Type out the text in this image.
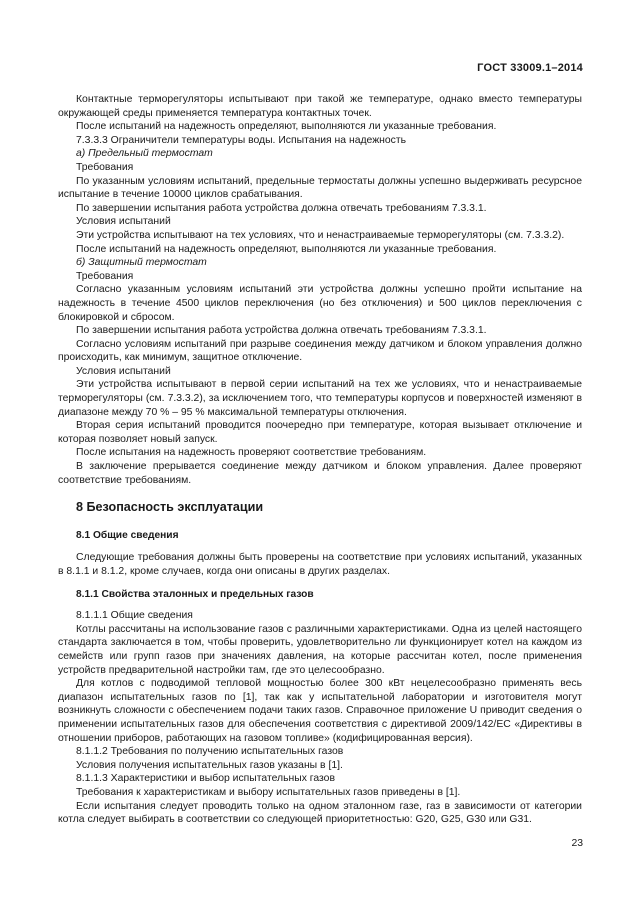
ГОСТ 33009.1–2014

Контактные терморегуляторы испытывают при такой же температуре, однако вместо температуры окружающей среды применяется температура контактных точек.

После испытаний на надежность определяют, выполняются ли указанные требования.

7.3.3.3 Ограничители температуры воды. Испытания на надежность

а) Предельный термостат

Требования

По указанным условиям испытаний, предельные термостаты должны успешно выдерживать ресурсное испытание в течение 10000 циклов срабатывания.

По завершении испытания работа устройства должна отвечать требованиям 7.3.3.1.

Условия испытаний

Эти устройства испытывают на тех условиях, что и ненастраиваемые терморегуляторы (см. 7.3.3.2).

После испытаний на надежность определяют, выполняются ли указанные требования.

б) Защитный термостат

Требования

Согласно указанным условиям испытаний эти устройства должны успешно пройти испытание на надежность в течение 4500 циклов переключения (но без отключения) и 500 циклов переключения с блокировкой и сбросом.

По завершении испытания работа устройства должна отвечать требованиям 7.3.3.1.

Согласно условиям испытаний при разрыве соединения между датчиком и блоком управления должно происходить, как минимум, защитное отключение.

Условия испытаний

Эти устройства испытывают в первой серии испытаний на тех же условиях, что и ненастраиваемые терморегуляторы (см. 7.3.3.2), за исключением того, что температуры корпусов и поверхностей изменяют в диапазоне между 70 % – 95 % максимальной температуры отключения.

Вторая серия испытаний проводится поочередно при температуре, которая вызывает отключение и которая позволяет новый запуск.

После испытания на надежность проверяют соответствие требованиям.

В заключение прерывается соединение между датчиком и блоком управления. Далее проверяют соответствие требованиям.

8 Безопасность эксплуатации

8.1 Общие сведения

Следующие требования должны быть проверены на соответствие при условиях испытаний, указанных в 8.1.1 и 8.1.2, кроме случаев, когда они описаны в других разделах.

8.1.1 Свойства эталонных и предельных газов

8.1.1.1 Общие сведения

Котлы рассчитаны на использование газов с различными характеристиками. Одна из целей настоящего стандарта заключается в том, чтобы проверить, удовлетворительно ли функционирует котел на каждом из семейств или групп газов при значениях давления, на которые рассчитан котел, после применения устройств предварительной настройки там, где это целесообразно.

Для котлов с подводимой тепловой мощностью более 300 кВт нецелесообразно применять весь диапазон испытательных газов по [1], так как у испытательной лаборатории и изготовителя могут возникнуть сложности с обеспечением подачи таких газов. Справочное приложение U приводит сведения о применении испытательных газов для обеспечения соответствия с директивой 2009/142/ЕС «Директивы в отношении приборов, работающих на газовом топливе» (кодифицированная версия).

8.1.1.2 Требования по получению испытательных газов

Условия получения испытательных газов указаны в [1].

8.1.1.3 Характеристики и выбор испытательных газов

Требования к характеристикам и выбору испытательных газов приведены в [1].

Если испытания следует проводить только на одном эталонном газе, газ в зависимости от категории котла следует выбирать в соответствии со следующей приоритетностью: G20, G25, G30 или G31.

23
